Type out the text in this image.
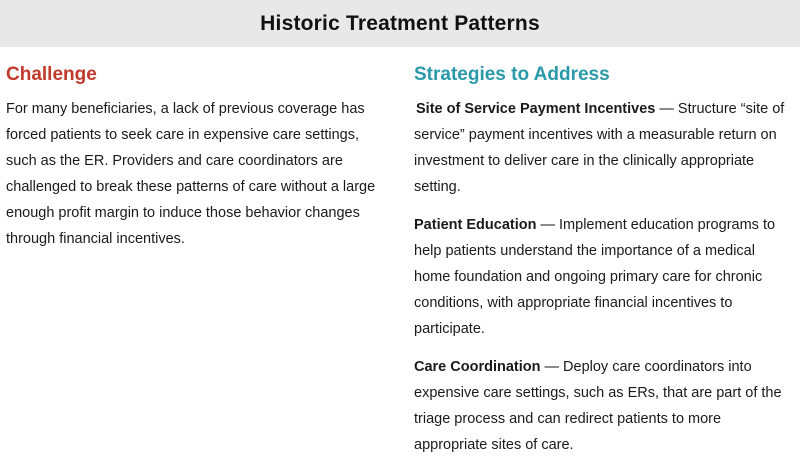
Historic Treatment Patterns
Challenge

For many beneficiaries, a lack of previous coverage has forced patients to seek care in expensive care settings, such as the ER. Providers and care coordinators are challenged to break these patterns of care without a large enough profit margin to induce those behavior changes through financial incentives.

Strategies to Address

Site of Service Payment Incentives — Structure “site of service” payment incentives with a measurable return on investment to deliver care in the clinically appropriate setting.

Patient Education — Implement education programs to help patients understand the importance of a medical home foundation and ongoing primary care for chronic conditions, with appropriate financial incentives to participate.

Care Coordination — Deploy care coordinators into expensive care settings, such as ERs, that are part of the triage process and can redirect patients to more appropriate sites of care.
